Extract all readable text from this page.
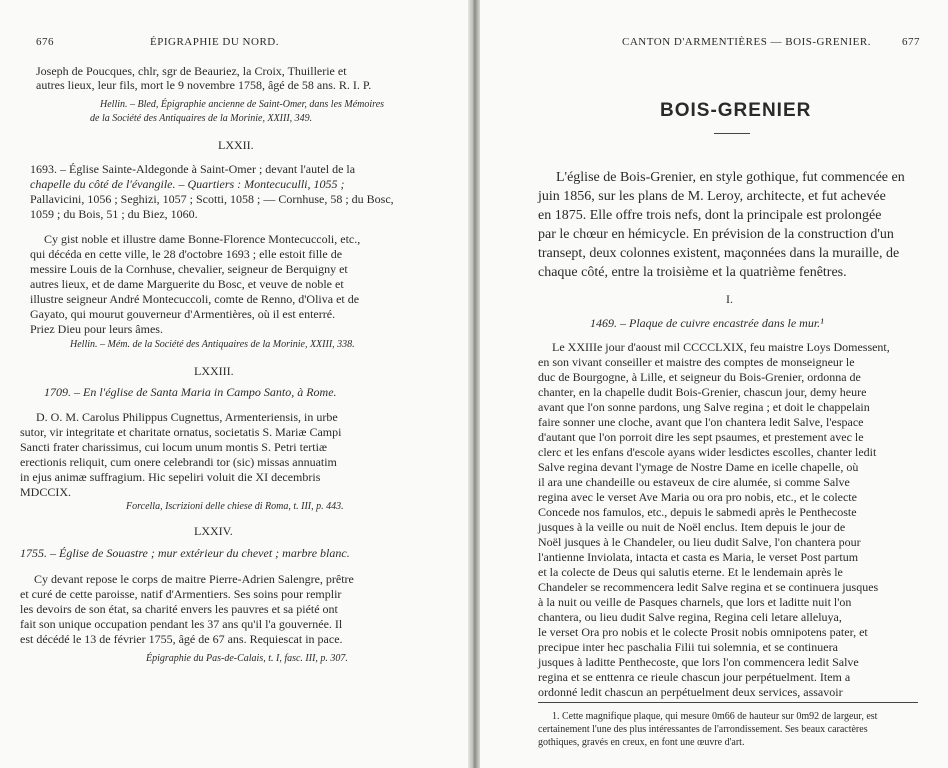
676	ÉPIGRAPHIE DU NORD.
Joseph de Poucques, chlr, sgr de Beauriez, la Croix, Thuillerie et
autres lieux, leur fils, mort le 9 novembre 1758, âgé de 58 ans. R. I. P.
Hellin. – Bled, Épigraphie ancienne de Saint-Omer, dans les Mémoires
de la Société des Antiquaires de la Morinie, XXIII, 349.
LXXII.
1693. – Église Sainte-Aldegonde à Saint-Omer ; devant l'autel de la
chapelle du côté de l'évangile. – Quartiers : Montecuculli, 1055 ;
Pallavicini, 1056 ; Seghizi, 1057 ; Scotti, 1058 ; — Cornhuse, 58 ; du Bosc,
1059 ; du Bois, 51 ; du Biez, 1060.
Cy gist noble et illustre dame Bonne-Florence Montecuccoli, etc.,
qui décéda en cette ville, le 28 d'octobre 1693 ; elle estoit fille de
messire Louis de la Cornhuse, chevalier, seigneur de Berquigny et
autres lieux, et de dame Marguerite du Bosc, et veuve de noble et
illustre seigneur André Montecuccoli, comte de Renno, d'Oliva et de
Gayato, qui mourut gouverneur d'Armentières, où il est enterré.
Priez Dieu pour leurs âmes.
Hellin. – Mém. de la Société des Antiquaires de la Morinie, XXIII, 338.
LXXIII.
1709. – En l'église de Santa Maria in Campo Santo, à Rome.
D. O. M. Carolus Philippus Cugnettus, Armenteriensis, in urbe
sutor, vir integritate et charitate ornatus, societatis S. Mariæ Campi
Sancti frater charissimus, cui locum unum montis S. Petri tertiæ
erectionis reliquit, cum onere celebrandi tor (sic) missas annuatim
in ejus animæ suffragium. Hic sepeliri voluit die XI decembris
MDCCIX.
Forcella, Iscrizioni delle chiese di Roma, t. III, p. 443.
LXXIV.
1755. – Église de Souastre ; mur extérieur du chevet ; marbre blanc.
Cy devant repose le corps de maitre Pierre-Adrien Salengre, prêtre
et curé de cette paroisse, natif d'Armentiers. Ses soins pour remplir
les devoirs de son état, sa charité envers les pauvres et sa piété ont
fait son unique occupation pendant les 37 ans qu'il l'a gouvernée. Il
est décédé le 13 de février 1755, âgé de 67 ans. Requiescat in pace.
Épigraphie du Pas-de-Calais, t. I, fasc. III, p. 307.
CANTON D'ARMENTIÈRES — BOIS-GRENIER.	677
BOIS-GRENIER
L'église de Bois-Grenier, en style gothique, fut commencée en
juin 1856, sur les plans de M. Leroy, architecte, et fut achevée
en 1875. Elle offre trois nefs, dont la principale est prolongée
par le chœur en hémicycle. En prévision de la construction d'un
transept, deux colonnes existent, maçonnées dans la muraille, de
chaque côté, entre la troisième et la quatrième fenêtres.
I.
1469. – Plaque de cuivre encastrée dans le mur.¹
Le XXIIIe jour d'aoust mil CCCCLXIX, feu maistre Loys Domessent,
en son vivant conseiller et maistre des comptes de monseigneur le
duc de Bourgogne, à Lille, et seigneur du Bois-Grenier, ordonna de
chanter, en la chapelle dudit Bois-Grenier, chascun jour, demy heure
avant que l'on sonne pardons, ung Salve regina ; et doit le chappelain
faire sonner une cloche, avant que l'on chantera ledit Salve, l'espace
d'autant que l'on porroit dire les sept psaumes, et prestement avec le
clerc et les enfans d'escole ayans wider lesdictes escolles, chanter ledit
Salve regina devant l'ymage de Nostre Dame en icelle chapelle, où
il ara une chandeille ou estaveux de cire alumée, si comme Salve
regina avec le verset Ave Maria ou ora pro nobis, etc., et le colecte
Concede nos famulos, etc., depuis le sabmedi après le Penthecoste
jusques à la veille ou nuit de Noël enclus. Item depuis le jour de
Noël jusques à le Chandeler, ou lieu dudit Salve, l'on chantera pour
l'antienne Inviolata, intacta et casta es Maria, le verset Post partum
et la colecte de Deus qui salutis eterne. Et le lendemain après le
Chandeler se recommencera ledit Salve regina et se continuera jusques
à la nuit ou veille de Pasques charnels, que lors et laditte nuit l'on
chantera, ou lieu dudit Salve regina, Regina celi letare alleluya,
le verset Ora pro nobis et le colecte Prosit nobis omnipotens pater, et
precipue inter hec paschalia Filii tui solemnia, et se continuera
jusques à laditte Penthecoste, que lors l'on commencera ledit Salve
regina et se enttenra ce rieule chascun jour perpétuelment. Item a
ordonné ledit chascun an perpétuelment deux services, assavoir
1. Cette magnifique plaque, qui mesure 0m66 de hauteur sur 0m92 de largeur, est
certainement l'une des plus intéressantes de l'arrondissement. Ses beaux caractères
gothiques, gravés en creux, en font une œuvre d'art.
